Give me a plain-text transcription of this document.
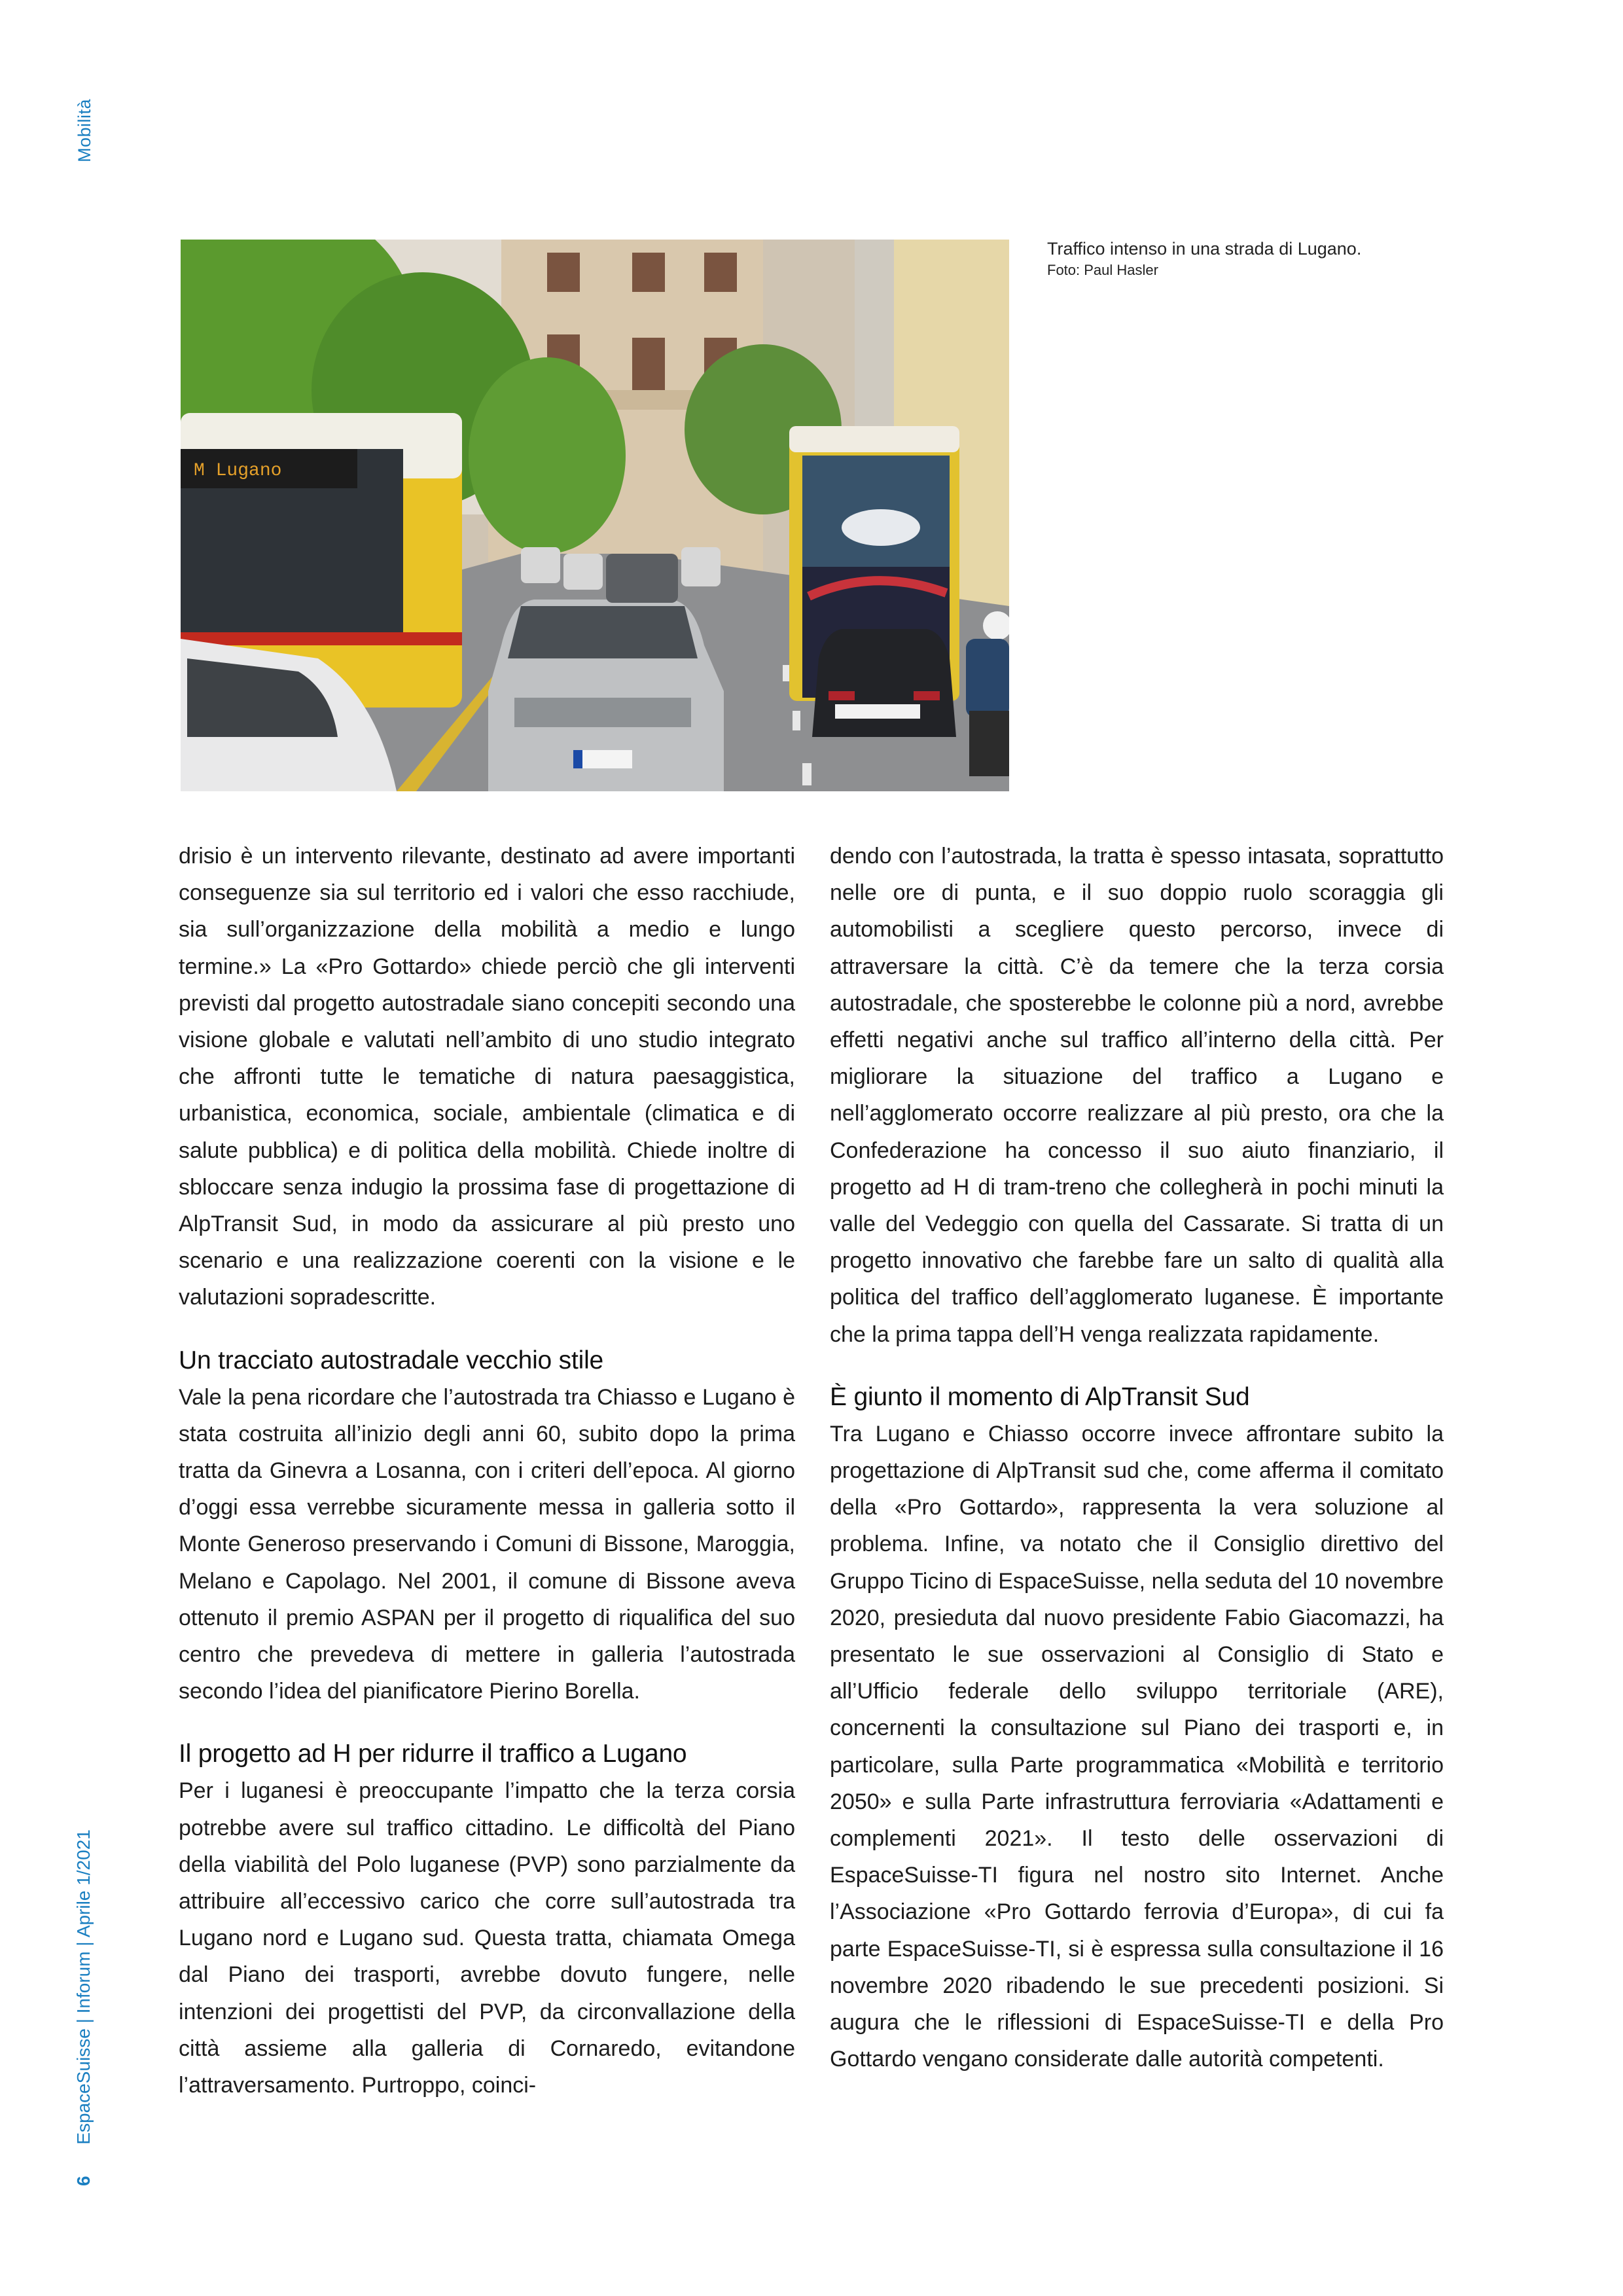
Mobilità
6 EspaceSuisse | Inforum | Aprile 1/2021
M Lugano
Traffico intenso in una strada di Lugano.
Foto: Paul Hasler

drisio è un intervento rilevante, destinato ad avere importanti conseguenze sia sul territorio ed i valori che esso racchiude, sia sull’organizzazione della mobilità a medio e lungo termine.» La «Pro Gottardo» chiede perciò che gli interventi previsti dal progetto autostradale siano concepiti secondo una visione globale e valutati nell’ambito di uno studio integrato che affronti tutte le tematiche di natura paesaggistica, urbanistica, economica, sociale, ambientale (climatica e di salute pubblica) e di politica della mobilità. Chiede inoltre di sbloccare senza indugio la prossima fase di progettazione di AlpTransit Sud, in modo da assicurare al più presto uno scenario e una realizzazione coerenti con la visione e le valutazioni sopradescritte.

Un tracciato autostradale vecchio stile

Vale la pena ricordare che l’autostrada tra Chiasso e Lugano è stata costruita all’inizio degli anni 60, subito dopo la prima tratta da Ginevra a Losanna, con i criteri dell’epoca. Al giorno d’oggi essa verrebbe sicuramente messa in galleria sotto il Monte Generoso preservando i Comuni di Bissone, Maroggia, Melano e Capolago. Nel 2001, il comune di Bissone aveva ottenuto il premio ASPAN per il progetto di riqualifica del suo centro che prevedeva di mettere in galleria l’autostrada secondo l’idea del pianificatore Pierino Borella.

Il progetto ad H per ridurre il traffico a Lugano

Per i luganesi è preoccupante l’impatto che la terza corsia potrebbe avere sul traffico cittadino. Le difficoltà del Piano della viabilità del Polo luganese (PVP) sono parzialmente da attribuire all’eccessivo carico che corre sull’autostrada tra Lugano nord e Lugano sud. Questa tratta, chiamata Omega dal Piano dei trasporti, avrebbe dovuto fungere, nelle intenzioni dei progettisti del PVP, da circonvallazione della città assieme alla galleria di Cornaredo, evitandone l’attraversamento. Purtroppo, coinci-

dendo con l’autostrada, la tratta è spesso intasata, soprattutto nelle ore di punta, e il suo doppio ruolo scoraggia gli automobilisti a scegliere questo percorso, invece di attraversare la città. C’è da temere che la terza corsia autostradale, che sposterebbe le colonne più a nord, avrebbe effetti negativi anche sul traffico all’interno della città. Per migliorare la situazione del traffico a Lugano e nell’agglomerato occorre realizzare al più presto, ora che la Confederazione ha concesso il suo aiuto finanziario, il progetto ad H di tram-treno che collegherà in pochi minuti la valle del Vedeggio con quella del Cassarate. Si tratta di un progetto innovativo che farebbe fare un salto di qualità alla politica del traffico dell’agglomerato luganese. È importante che la prima tappa dell’H venga realizzata rapidamente.

È giunto il momento di AlpTransit Sud

Tra Lugano e Chiasso occorre invece affrontare subito la progettazione di AlpTransit sud che, come afferma il comitato della «Pro Gottardo», rappresenta la vera soluzione al problema. Infine, va notato che il Consiglio direttivo del Gruppo Ticino di EspaceSuisse, nella seduta del 10 novembre 2020, presieduta dal nuovo presidente Fabio Giacomazzi, ha presentato le sue osservazioni al Consiglio di Stato e all’Ufficio federale dello sviluppo territoriale (ARE), concernenti la consultazione sul Piano dei trasporti e, in particolare, sulla Parte programmatica «Mobilità e territorio 2050» e sulla Parte infrastruttura ferroviaria «Adattamenti e complementi 2021». Il testo delle osservazioni di EspaceSuisse-TI figura nel nostro sito Internet. Anche l’Associazione «Pro Gottardo ferrovia d’Europa», di cui fa parte EspaceSuisse-TI, si è espressa sulla consultazione il 16 novembre 2020 ribadendo le sue precedenti posizioni. Si augura che le riflessioni di EspaceSuisse-TI e della Pro Gottardo vengano considerate dalle autorità competenti.
